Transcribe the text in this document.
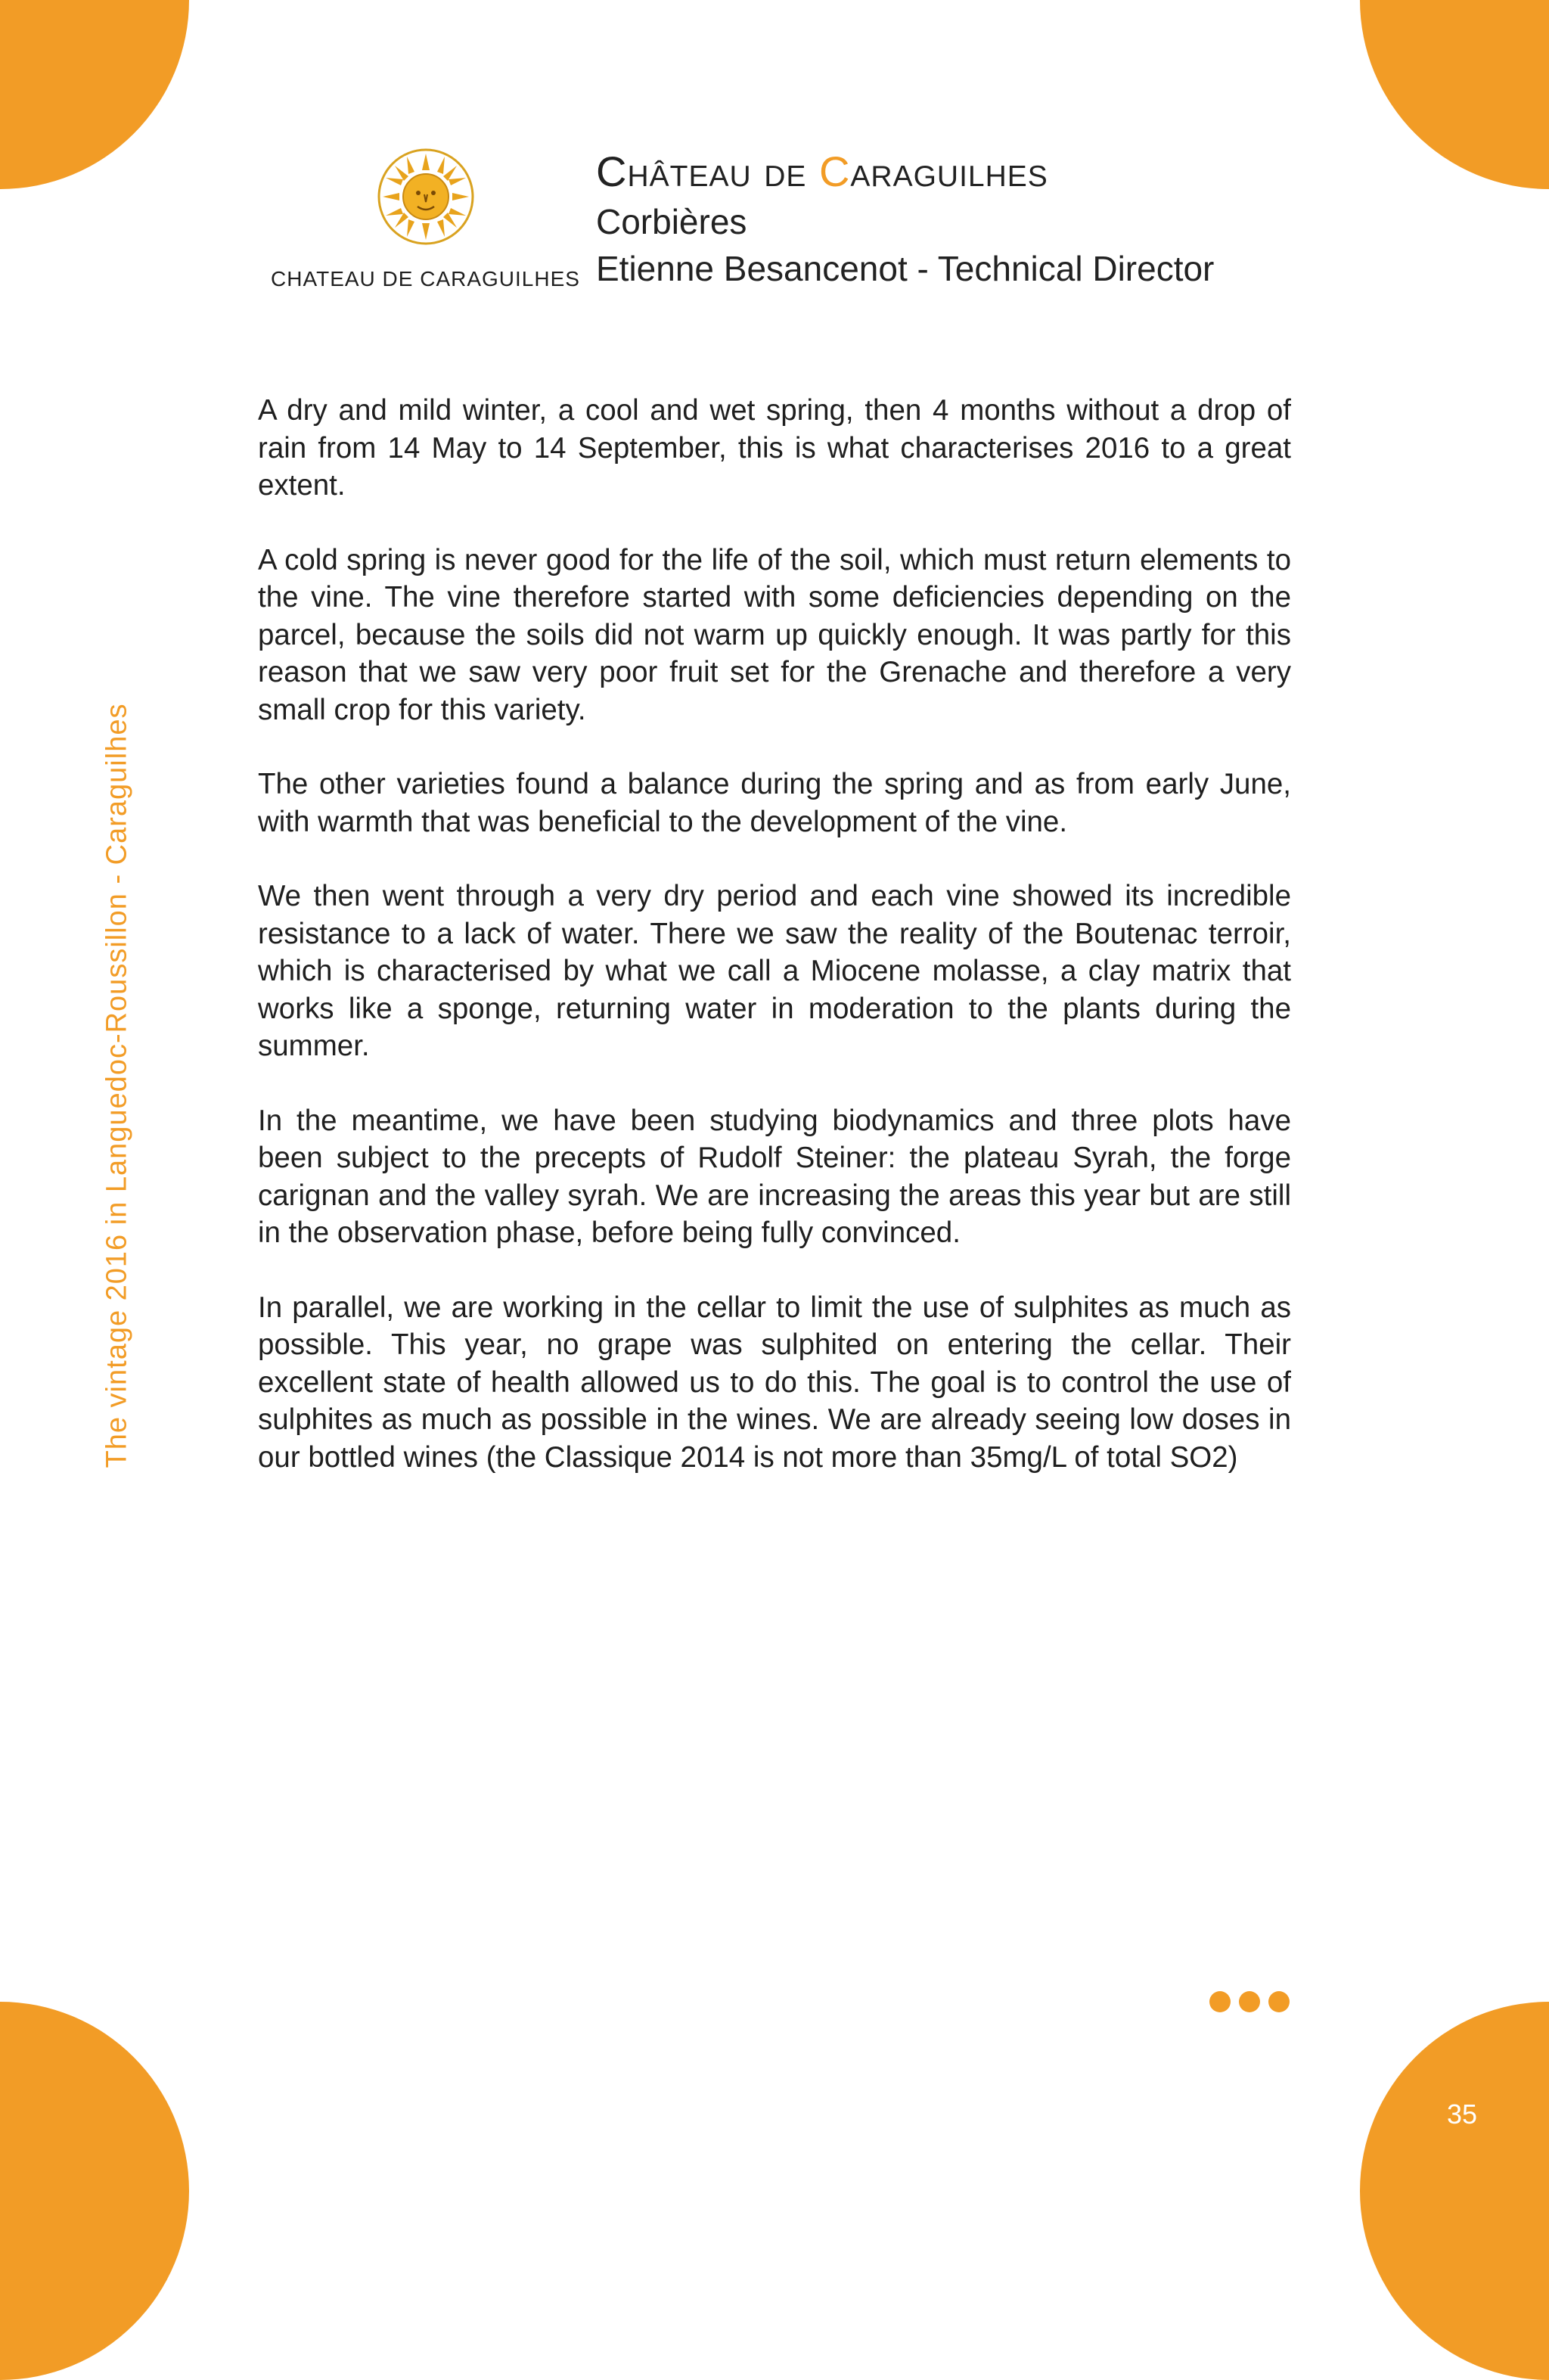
35
CHATEAU DE CARAGUILHES
Château de Caraguilhes
Corbières
Etienne Besancenot - Technical Director
The vintage 2016 in Languedoc-Roussillon - Caraguilhes

A dry and mild winter, a cool and wet spring, then 4 months without a drop of rain from 14 May to 14 September, this is what characterises 2016 to a great extent.

A cold spring is never good for the life of the soil, which must return elements to the vine. The vine therefore started with some deficiencies depending on the parcel, because the soils did not warm up quickly enough. It was partly for this reason that we saw very poor fruit set for the Grenache and therefore a very small crop for this variety.

The other varieties found a balance during the spring and as from early June, with warmth that was beneficial to the development of the vine.

We then went through a very dry period and each vine showed its incredible resistance to a lack of water. There we saw the reality of the Boutenac terroir, which is characterised by what we call a Miocene molasse, a clay matrix that works like a sponge, returning water in moderation to the plants during the summer.

In the meantime, we have been studying biodynamics and three plots have been subject to the precepts of Rudolf Steiner: the plateau Syrah, the forge carignan and the valley syrah. We are increasing the areas this year but are still in the observation phase, before being fully convinced.

In parallel, we are working in the cellar to limit the use of sulphites as much as possible. This year, no grape was sulphited on entering the cellar. Their excellent state of health allowed us to do this. The goal is to control the use of sulphites as much as possible in the wines. We are already seeing low doses in our bottled wines (the Classique 2014 is not more than 35mg/L of total SO2)
